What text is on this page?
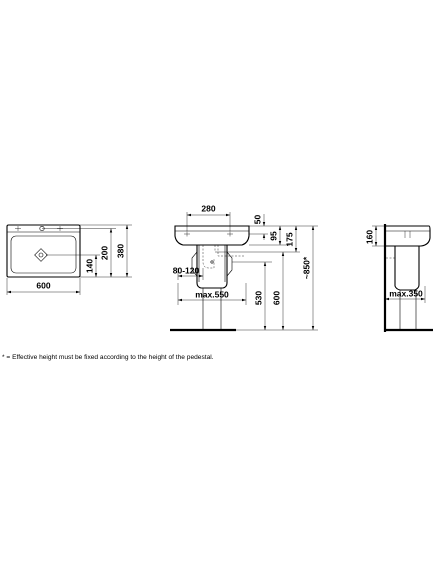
600
140
200 380
280
50
95 175
80-120
max.550	530 600
~850*
160
max.350
* = Effective height must be fixed according to the height of the pedestal.
